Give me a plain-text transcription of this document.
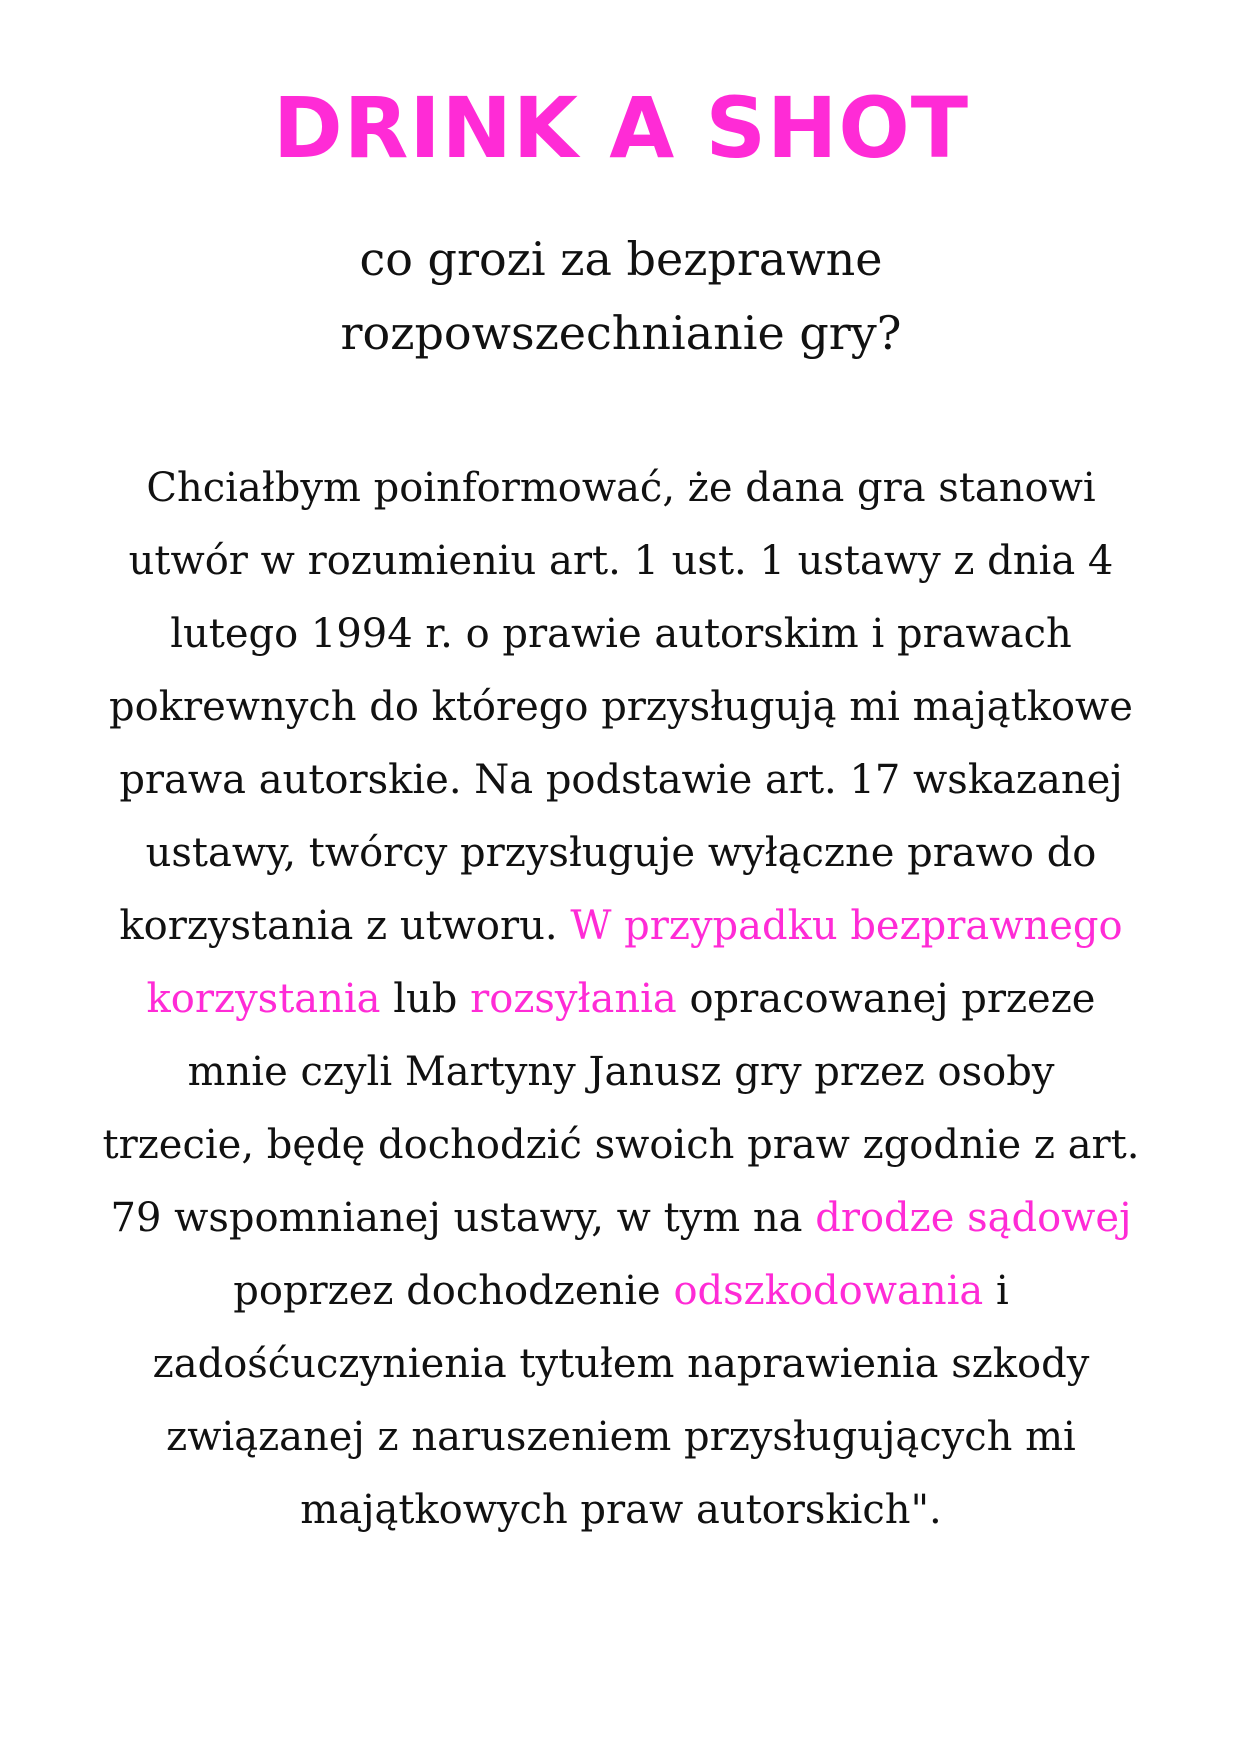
DRINK A SHOT
co grozi za bezprawne
rozpowszechnianie gry?
Chciałbym poinformować, że dana gra stanowi
utwór w rozumieniu art. 1 ust. 1 ustawy z dnia 4
lutego 1994 r. o prawie autorskim i prawach
pokrewnych do którego przysługują mi majątkowe
prawa autorskie. Na podstawie art. 17 wskazanej
ustawy, twórcy przysługuje wyłączne prawo do
korzystania z utworu. W przypadku bezprawnego
korzystania lub rozsyłania opracowanej przeze
mnie czyli Martyny Janusz gry przez osoby
trzecie, będę dochodzić swoich praw zgodnie z art.
79 wspomnianej ustawy, w tym na drodze sądowej
poprzez dochodzenie odszkodowania i
zadośćuczynienia tytułem naprawienia szkody
związanej z naruszeniem przysługujących mi
majątkowych praw autorskich".
